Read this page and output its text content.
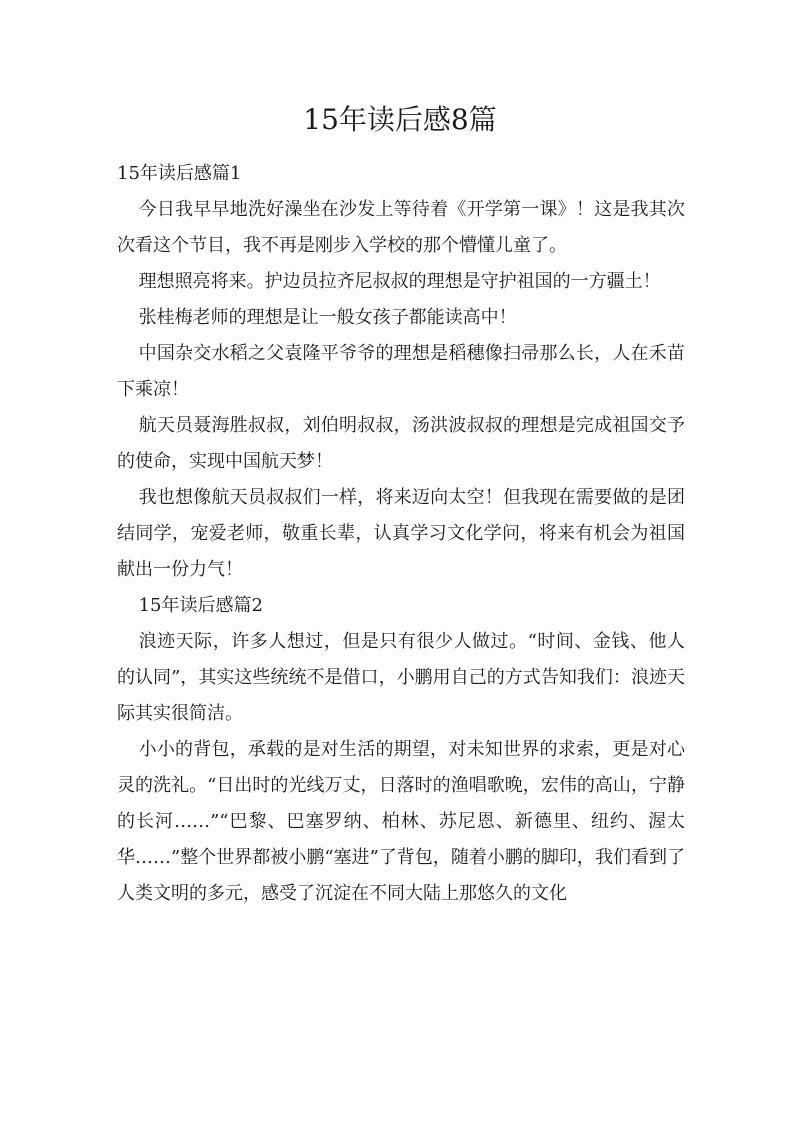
15年读后感8篇

15年读后感篇1

今日我早早地洗好澡坐在沙发上等待着《开学第一课》！这是我其次次看这个节目，我不再是刚步入学校的那个懵懂儿童了。

理想照亮将来。护边员拉齐尼叔叔的理想是守护祖国的一方疆土！

张桂梅老师的理想是让一般女孩子都能读高中！

中国杂交水稻之父袁隆平爷爷的理想是稻穗像扫帚那么长，人在禾苗下乘凉！

航天员聂海胜叔叔，刘伯明叔叔，汤洪波叔叔的理想是完成祖国交予的使命，实现中国航天梦！

我也想像航天员叔叔们一样，将来迈向太空！但我现在需要做的是团结同学，宠爱老师，敬重长辈，认真学习文化学问，将来有机会为祖国献出一份力气！

15年读后感篇2

浪迹天际，许多人想过，但是只有很少人做过。“时间、金钱、他人的认同”，其实这些统统不是借口，小鹏用自己的方式告知我们：浪迹天际其实很简洁。

小小的背包，承载的是对生活的期望，对未知世界的求索，更是对心灵的洗礼。“日出时的光线万丈，日落时的渔唱歌晚，宏伟的高山，宁静的长河……”“巴黎、巴塞罗纳、柏林、苏尼恩、新德里、纽约、渥太华……”整个世界都被小鹏“塞进”了背包，随着小鹏的脚印，我们看到了人类文明的多元，感受了沉淀在不同大陆上那悠久的文化
